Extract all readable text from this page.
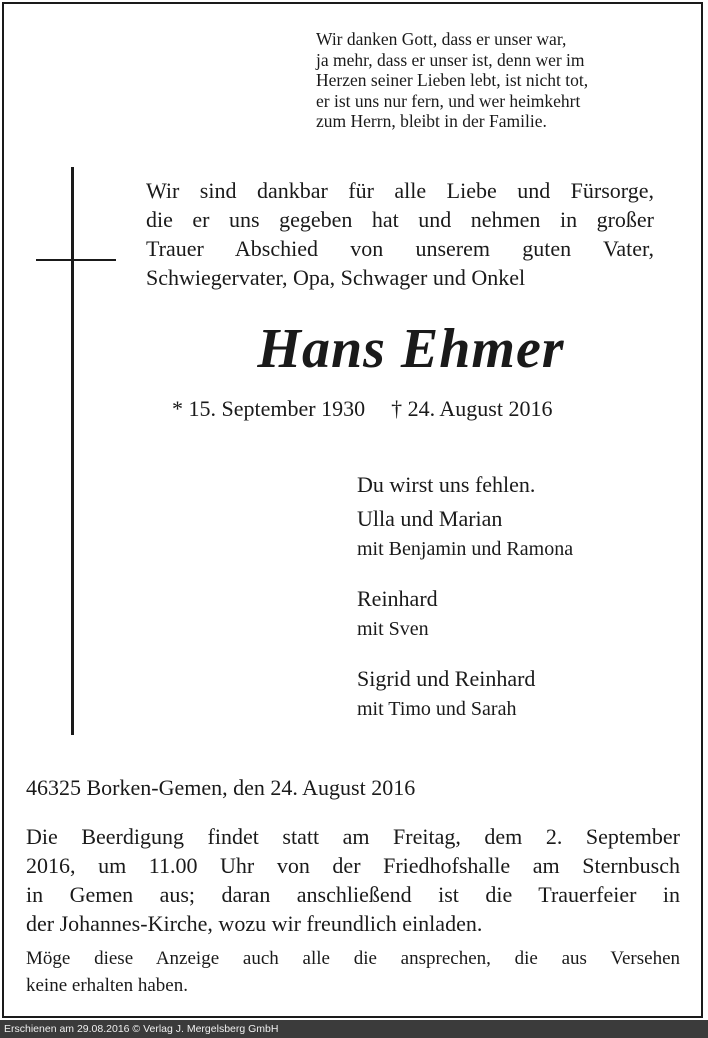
Wir danken Gott, dass er unser war,
ja mehr, dass er unser ist, denn wer im
Herzen seiner Lieben lebt, ist nicht tot,
er ist uns nur fern, und wer heimkehrt
zum Herrn, bleibt in der Familie.
Wir sind dankbar für alle Liebe und Fürsorge,
die er uns gegeben hat und nehmen in großer
Trauer Abschied von unserem guten Vater,
Schwiegervater, Opa, Schwager und Onkel
Hans Ehmer
* 15. September 1930 † 24. August 2016
Du wirst uns fehlen.
Ulla und Marian
mit Benjamin und Ramona
Reinhard
mit Sven
Sigrid und Reinhard
mit Timo und Sarah
46325 Borken-Gemen, den 24. August 2016
Die Beerdigung findet statt am Freitag, dem 2. September
2016, um 11.00 Uhr von der Friedhofshalle am Sternbusch
in Gemen aus; daran anschließend ist die Trauerfeier in
der Johannes-Kirche, wozu wir freundlich einladen.
Möge diese Anzeige auch alle die ansprechen, die aus Versehen
keine erhalten haben.
Erschienen am 29.08.2016 © Verlag J. Mergelsberg GmbH
